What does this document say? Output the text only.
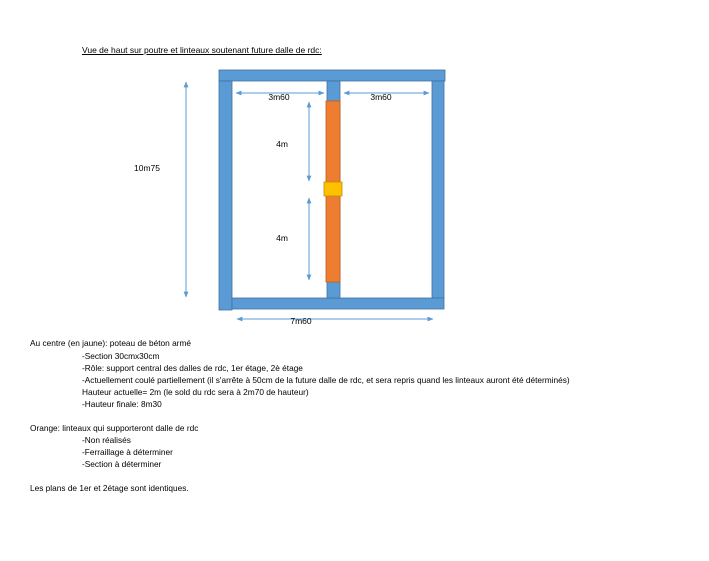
Vue de haut sur poutre et linteaux soutenant future dalle de rdc:
3m60	3m60
4m
4m
10m75
7m60
Au centre (en jaune): poteau de béton armé
-Section 30cmx30cm
-Rôle: support central des dalles de rdc, 1er étage, 2è étage
-Actuellement coulé partiellement (il s'arrête à 50cm de la future dalle de rdc, et sera repris quand les linteaux auront été déterminés)
Hauteur actuelle= 2m (le sold du rdc sera à 2m70 de hauteur)
-Hauteur finale: 8m30
Orange: linteaux qui supporteront dalle de rdc
-Non réalisés
-Ferraillage à déterminer
-Section à déterminer
Les plans de 1er et 2étage sont identiques.
